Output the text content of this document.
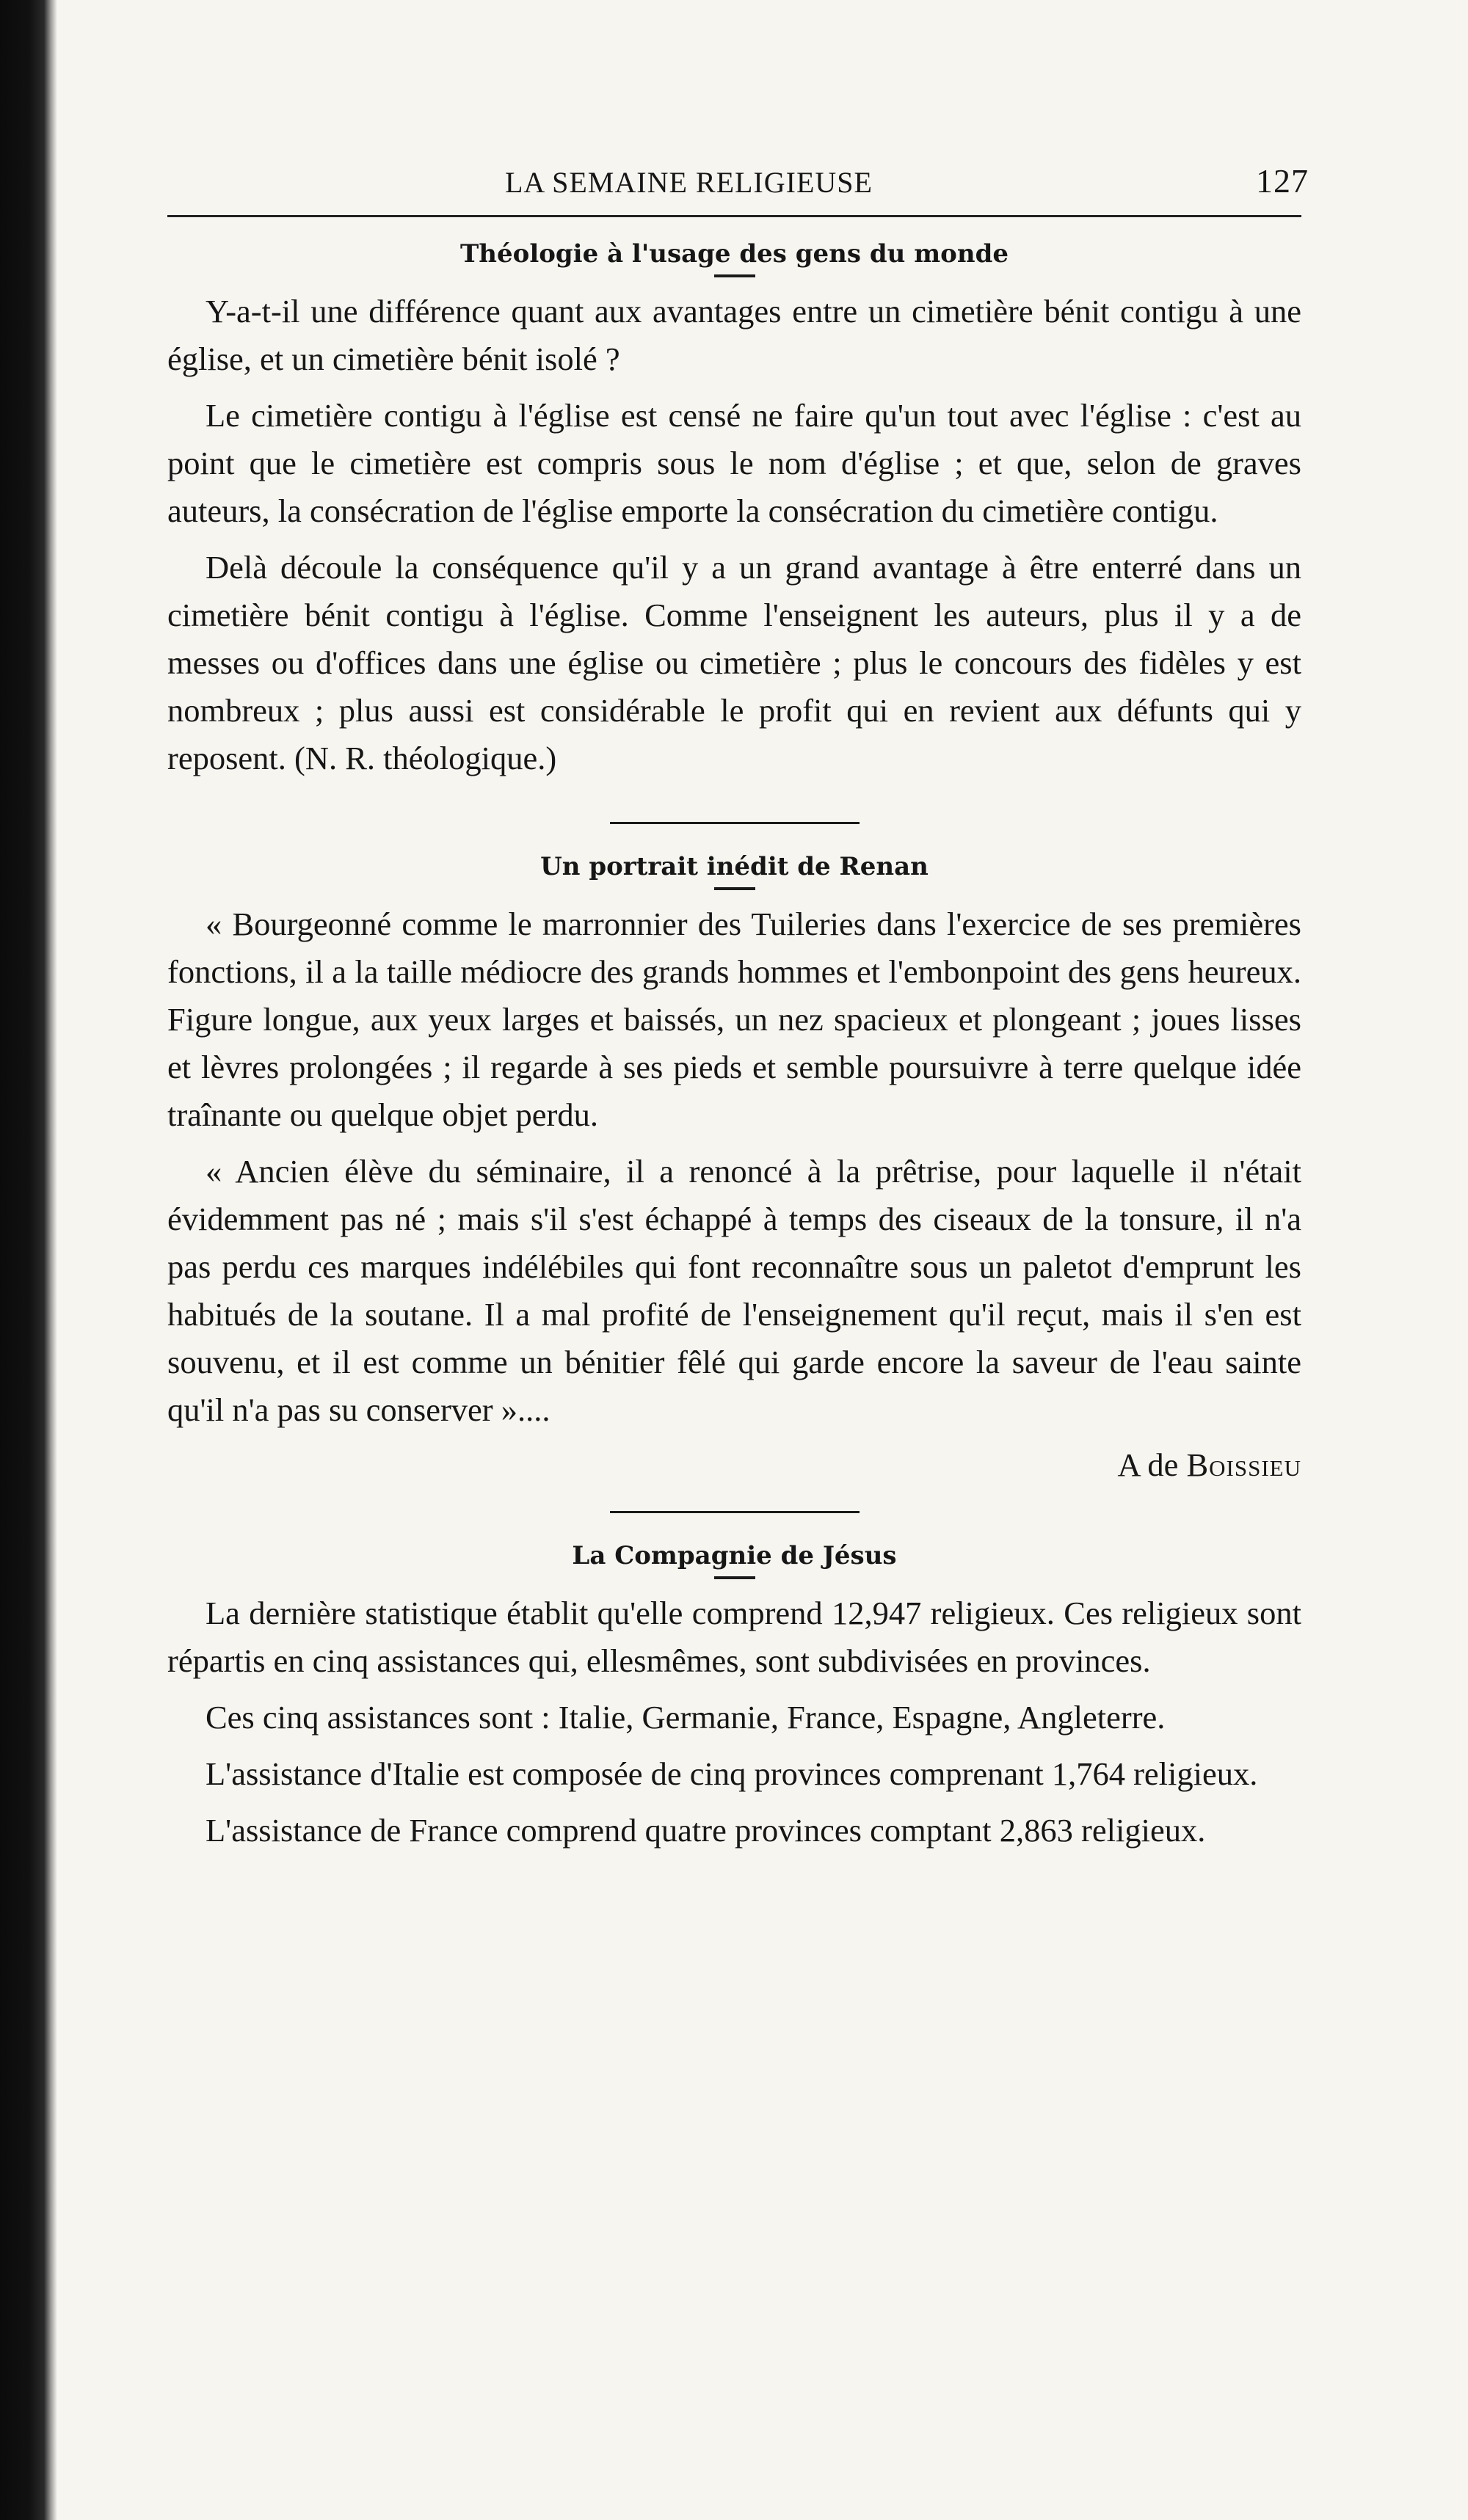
LA SEMAINE RELIGIEUSE	127
Théologie à l'usage des gens du monde

Y-a-t-il une différence quant aux avantages entre un cimetière bénit contigu à une église, et un cimetière bénit isolé ?

Le cimetière contigu à l'église est censé ne faire qu'un tout avec l'église : c'est au point que le cimetière est compris sous le nom d'église ; et que, selon de graves auteurs, la consécration de l'église emporte la consécration du cimetière contigu.

Delà découle la conséquence qu'il y a un grand avantage à être enterré dans un cimetière bénit contigu à l'église. Comme l'enseignent les auteurs, plus il y a de messes ou d'offices dans une église ou cimetière ; plus le concours des fidèles y est nombreux ; plus aussi est considérable le profit qui en revient aux défunts qui y reposent. (N. R. théologique.)

Un portrait inédit de Renan

« Bourgeonné comme le marronnier des Tuileries dans l'exercice de ses premières fonctions, il a la taille médiocre des grands hommes et l'embonpoint des gens heureux. Figure longue, aux yeux larges et baissés, un nez spacieux et plongeant ; joues lisses et lèvres prolongées ; il regarde à ses pieds et semble poursuivre à terre quelque idée traînante ou quelque objet perdu.

« Ancien élève du séminaire, il a renoncé à la prêtrise, pour laquelle il n'était évidemment pas né ; mais s'il s'est échappé à temps des ciseaux de la tonsure, il n'a pas perdu ces marques indélébiles qui font reconnaître sous un paletot d'emprunt les habitués de la soutane. Il a mal profité de l'enseignement qu'il reçut, mais il s'en est souvenu, et il est comme un bénitier fêlé qui garde encore la saveur de l'eau sainte qu'il n'a pas su conserver »....

A de Boissieu
La Compagnie de Jésus

La dernière statistique établit qu'elle comprend 12,947 religieux. Ces religieux sont répartis en cinq assistances qui, ellesmêmes, sont subdivisées en provinces.

Ces cinq assistances sont : Italie, Germanie, France, Espagne, Angleterre.

L'assistance d'Italie est composée de cinq provinces comprenant 1,764 religieux.

L'assistance de France comprend quatre provinces comptant 2,863 religieux.
